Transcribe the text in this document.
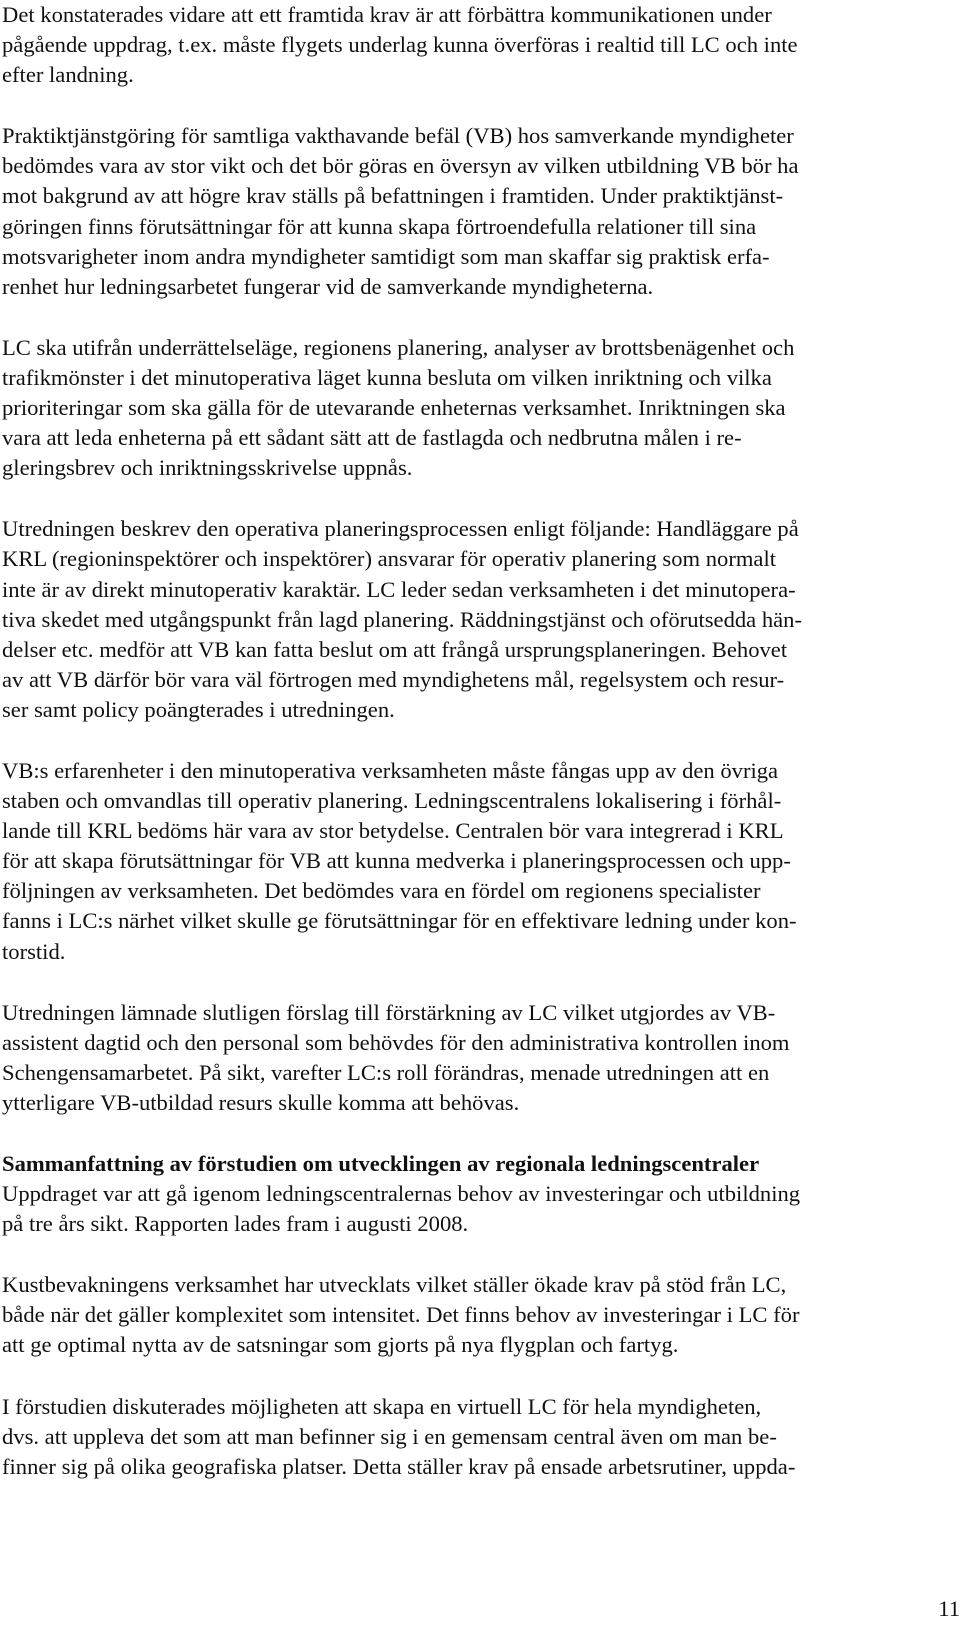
Det konstaterades vidare att ett framtida krav är att förbättra kommunikationen under
pågående uppdrag, t.ex. måste flygets underlag kunna överföras i realtid till LC och inte
efter landning.

Praktiktjänstgöring för samtliga vakthavande befäl (VB) hos samverkande myndigheter
bedömdes vara av stor vikt och det bör göras en översyn av vilken utbildning VB bör ha
mot bakgrund av att högre krav ställs på befattningen i framtiden. Under praktiktjänst-
göringen finns förutsättningar för att kunna skapa förtroendefulla relationer till sina
motsvarigheter inom andra myndigheter samtidigt som man skaffar sig praktisk erfa-
renhet hur ledningsarbetet fungerar vid de samverkande myndigheterna.

LC ska utifrån underrättelseläge, regionens planering, analyser av brottsbenägenhet och
trafikmönster i det minutoperativa läget kunna besluta om vilken inriktning och vilka
prioriteringar som ska gälla för de utevarande enheternas verksamhet. Inriktningen ska
vara att leda enheterna på ett sådant sätt att de fastlagda och nedbrutna målen i re-
gleringsbrev och inriktningsskrivelse uppnås.

Utredningen beskrev den operativa planeringsprocessen enligt följande: Handläggare på
KRL (regioninspektörer och inspektörer) ansvarar för operativ planering som normalt
inte är av direkt minutoperativ karaktär. LC leder sedan verksamheten i det minutopera-
tiva skedet med utgångspunkt från lagd planering. Räddningstjänst och oförutsedda hän-
delser etc. medför att VB kan fatta beslut om att frångå ursprungsplaneringen. Behovet
av att VB därför bör vara väl förtrogen med myndighetens mål, regelsystem och resur-
ser samt policy poängterades i utredningen.

VB:s erfarenheter i den minutoperativa verksamheten måste fångas upp av den övriga
staben och omvandlas till operativ planering. Ledningscentralens lokalisering i förhål-
lande till KRL bedöms här vara av stor betydelse. Centralen bör vara integrerad i KRL
för att skapa förutsättningar för VB att kunna medverka i planeringsprocessen och upp-
följningen av verksamheten. Det bedömdes vara en fördel om regionens specialister
fanns i LC:s närhet vilket skulle ge förutsättningar för en effektivare ledning under kon-
torstid.

Utredningen lämnade slutligen förslag till förstärkning av LC vilket utgjordes av VB-
assistent dagtid och den personal som behövdes för den administrativa kontrollen inom
Schengensamarbetet. På sikt, varefter LC:s roll förändras, menade utredningen att en
ytterligare VB-utbildad resurs skulle komma att behövas.

Sammanfattning av förstudien om utvecklingen av regionala ledningscentraler
Uppdraget var att gå igenom ledningscentralernas behov av investeringar och utbildning
på tre års sikt. Rapporten lades fram i augusti 2008.

Kustbevakningens verksamhet har utvecklats vilket ställer ökade krav på stöd från LC,
både när det gäller komplexitet som intensitet. Det finns behov av investeringar i LC för
att ge optimal nytta av de satsningar som gjorts på nya flygplan och fartyg.

I förstudien diskuterades möjligheten att skapa en virtuell LC för hela myndigheten,
dvs. att uppleva det som att man befinner sig i en gemensam central även om man be-
finner sig på olika geografiska platser. Detta ställer krav på ensade arbetsrutiner, uppda-

11
